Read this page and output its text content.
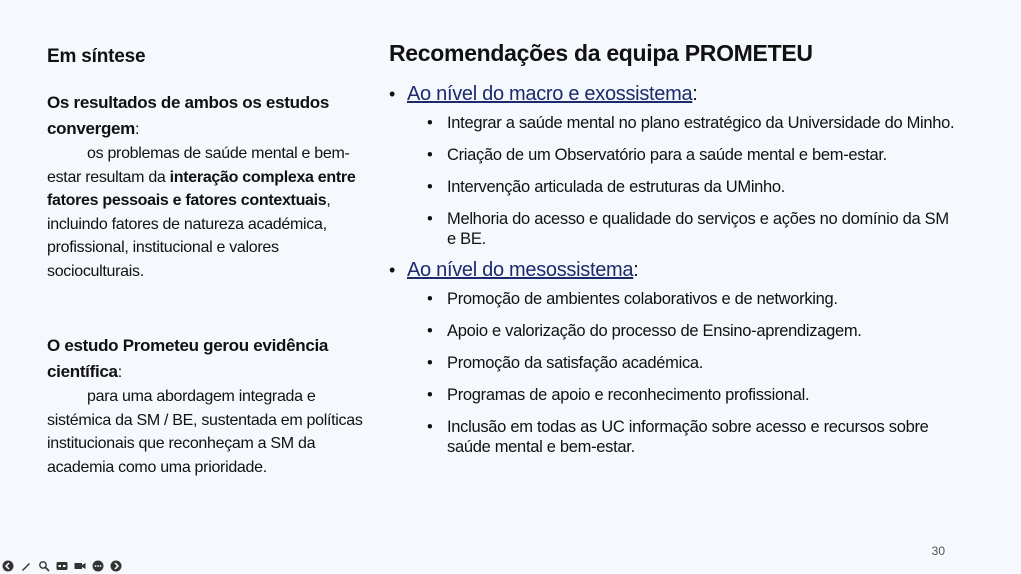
Em síntese
Os resultados de ambos os estudos convergem:
os problemas de saúde mental e bem-estar resultam da interação complexa entre fatores pessoais e fatores contextuais, incluindo fatores de natureza académica, profissional, institucional e valores socioculturais.
O estudo Prometeu gerou evidência científica:
para uma abordagem integrada e sistémica da SM / BE, sustentada em políticas institucionais que reconheçam a SM da academia como uma prioridade.
Recomendações da equipa PROMETEU
• Ao nível do macro e exossistema:
• Integrar a saúde mental no plano estratégico da Universidade do Minho.
• Criação de um Observatório para a saúde mental e bem-estar.
• Intervenção articulada de estruturas da UMinho.
• Melhoria do acesso e qualidade do serviços e ações no domínio da SM e BE.
• Ao nível do mesossistema:
• Promoção de ambientes colaborativos e de networking.
• Apoio e valorização do processo de Ensino-aprendizagem.
• Promoção da satisfação académica.
• Programas de apoio e reconhecimento profissional.
• Inclusão em todas as UC informação sobre acesso e recursos sobre saúde mental e bem-estar.
30
